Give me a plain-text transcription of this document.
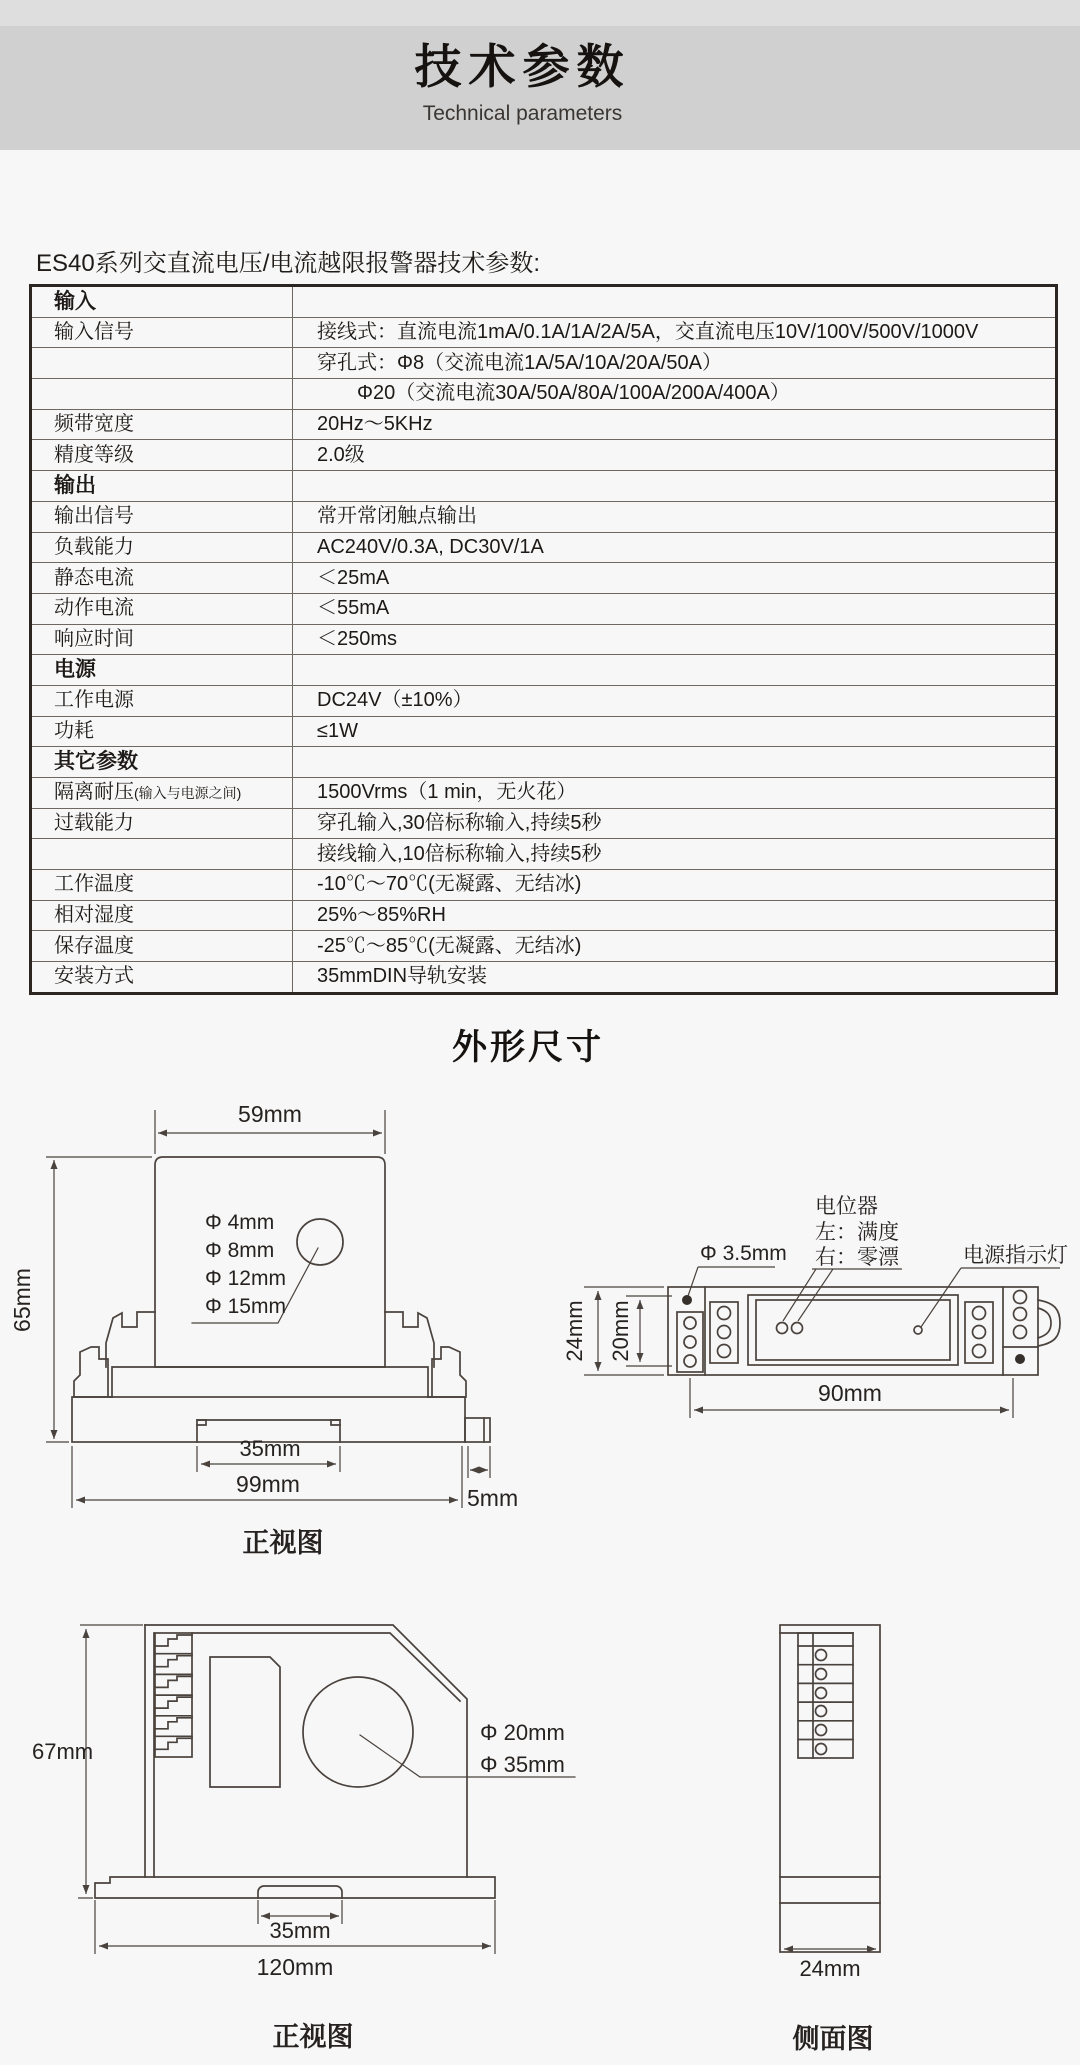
技术参数
Technical parameters
ES40系列交直流电压/电流越限报警器技术参数:
输入	
输入信号	接线式：直流电流1mA/0.1A/1A/2A/5A，交直流电压10V/100V/500V/1000V
	穿孔式：Φ8（交流电流1A/5A/10A/20A/50A）
	Φ20（交流电流30A/50A/80A/100A/200A/400A）
频带宽度	20Hz～5KHz
精度等级	2.0级
输出	
输出信号	常开常闭触点输出
负载能力	AC240V/0.3A, DC30V/1A
静态电流	＜25mA
动作电流	＜55mA
响应时间	＜250ms
电源	
工作电源	DC24V（±10%）
功耗	≤1W
其它参数	
隔离耐压(输入与电源之间)	1500Vrms（1 min，无火花）
过载能力	穿孔输入,30倍标称输入,持续5秒
	接线输入,10倍标称输入,持续5秒
工作温度	-10℃～70℃(无凝露、无结冰)
相对湿度	25%～85%RH
保存温度	-25℃～85℃(无凝露、无结冰)
安装方式	35mmDIN导轨安装
外形尺寸
59mm
65mm
Φ 4mm
Φ 8mm
Φ 12mm
Φ 15mm
35mm
99mm
5mm
正视图
Φ 3.5mm
电位器
左：满度
右：零漂	电源指示灯
24mm 20mm
90mm
67mm
Φ 20mm
Φ 35mm
35mm
120mm
正视图
24mm
侧面图
